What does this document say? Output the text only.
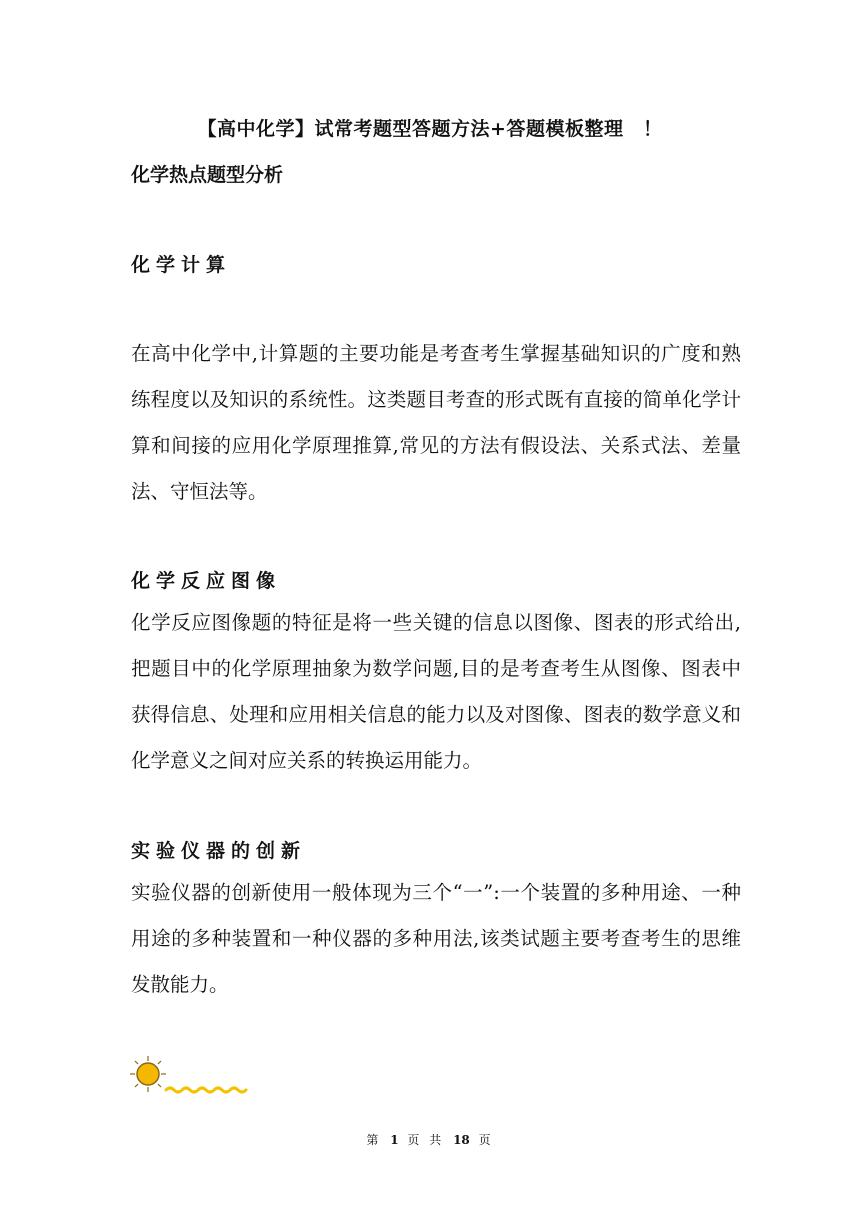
【高中化学】试常考题型答题方法+答题模板整理　！
化学热点题型分析
化学计算
在高中化学中,计算题的主要功能是考查考生掌握基础知识的广度和熟练程度以及知识的系统性。这类题目考查的形式既有直接的简单化学计算和间接的应用化学原理推算,常见的方法有假设法、关系式法、差量法、守恒法等。
化学反应图像
化学反应图像题的特征是将一些关键的信息以图像、图表的形式给出,把题目中的化学原理抽象为数学问题,目的是考查考生从图像、图表中获得信息、处理和应用相关信息的能力以及对图像、图表的数学意义和化学意义之间对应关系的转换运用能力。
实验仪器的创新
实验仪器的创新使用一般体现为三个“一”:一个装置的多种用途、一种用途的多种装置和一种仪器的多种用法,该类试题主要考查考生的思维发散能力。
第 1 页 共 18 页
